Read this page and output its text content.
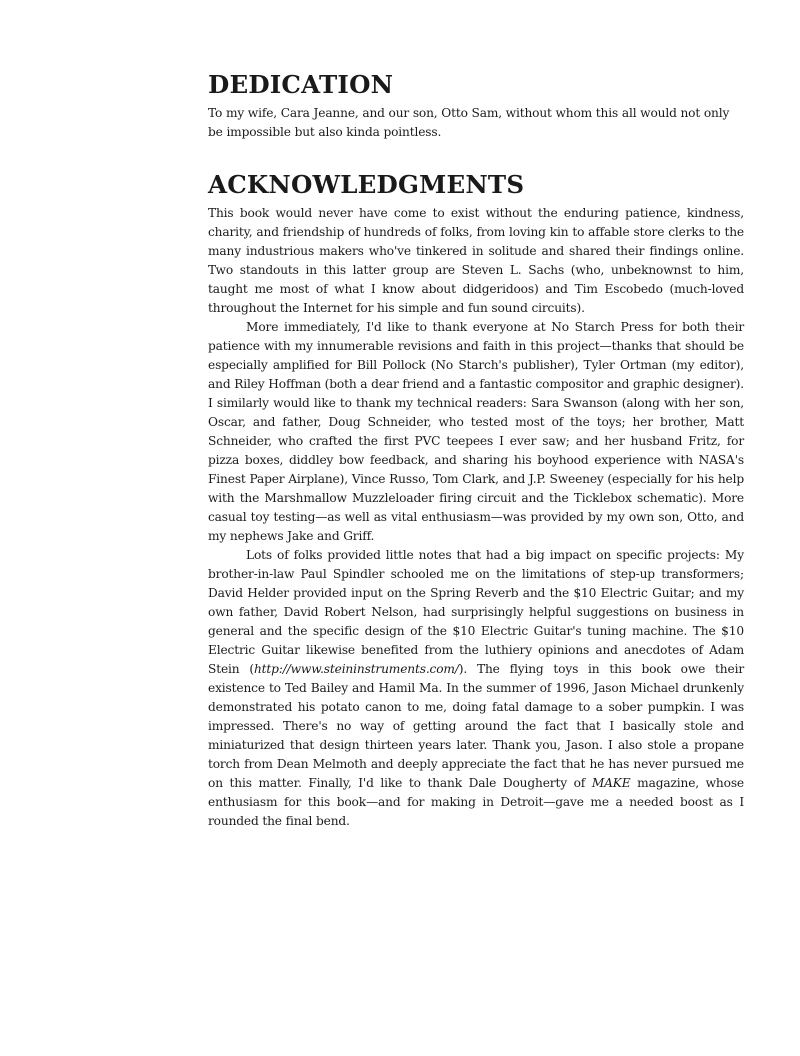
DEDICATION

To my wife, Cara Jeanne, and our son, Otto Sam, without whom this all would not only be impossible but also kinda pointless.

ACKNOWLEDGMENTS

This book would never have come to exist without the enduring patience, kindness, charity, and friendship of hundreds of folks, from loving kin to affable store clerks to the many industrious makers who've tinkered in solitude and shared their findings online. Two standouts in this latter group are Steven L. Sachs (who, unbeknownst to him, taught me most of what I know about didgeridoos) and Tim Escobedo (much-loved throughout the Internet for his simple and fun sound circuits).

More immediately, I'd like to thank everyone at No Starch Press for both their patience with my innumerable revisions and faith in this project—thanks that should be especially amplified for Bill Pollock (No Starch's publisher), Tyler Ortman (my editor), and Riley Hoffman (both a dear friend and a fantastic compositor and graphic designer). I similarly would like to thank my technical readers: Sara Swanson (along with her son, Oscar, and father, Doug Schneider, who tested most of the toys; her brother, Matt Schneider, who crafted the first PVC teepees I ever saw; and her husband Fritz, for pizza boxes, diddley bow feedback, and sharing his boyhood experience with NASA's Finest Paper Airplane), Vince Russo, Tom Clark, and J.P. Sweeney (especially for his help with the Marshmallow Muzzleloader firing circuit and the Ticklebox schematic). More casual toy testing—as well as vital enthusiasm—was provided by my own son, Otto, and my nephews Jake and Griff.

Lots of folks provided little notes that had a big impact on specific projects: My brother-in-law Paul Spindler schooled me on the limitations of step-up transformers; David Helder provided input on the Spring Reverb and the $10 Electric Guitar; and my own father, David Robert Nelson, had surprisingly helpful suggestions on business in general and the specific design of the $10 Electric Guitar's tuning machine. The $10 Electric Guitar likewise benefited from the luthiery opinions and anecdotes of Adam Stein (http://www.steininstruments.com/). The flying toys in this book owe their existence to Ted Bailey and Hamil Ma. In the summer of 1996, Jason Michael drunkenly demonstrated his potato canon to me, doing fatal damage to a sober pumpkin. I was impressed. There's no way of getting around the fact that I basically stole and miniaturized that design thirteen years later. Thank you, Jason. I also stole a propane torch from Dean Melmoth and deeply appreciate the fact that he has never pursued me on this matter. Finally, I'd like to thank Dale Dougherty of MAKE magazine, whose enthusiasm for this book—and for making in Detroit—gave me a needed boost as I rounded the final bend.
